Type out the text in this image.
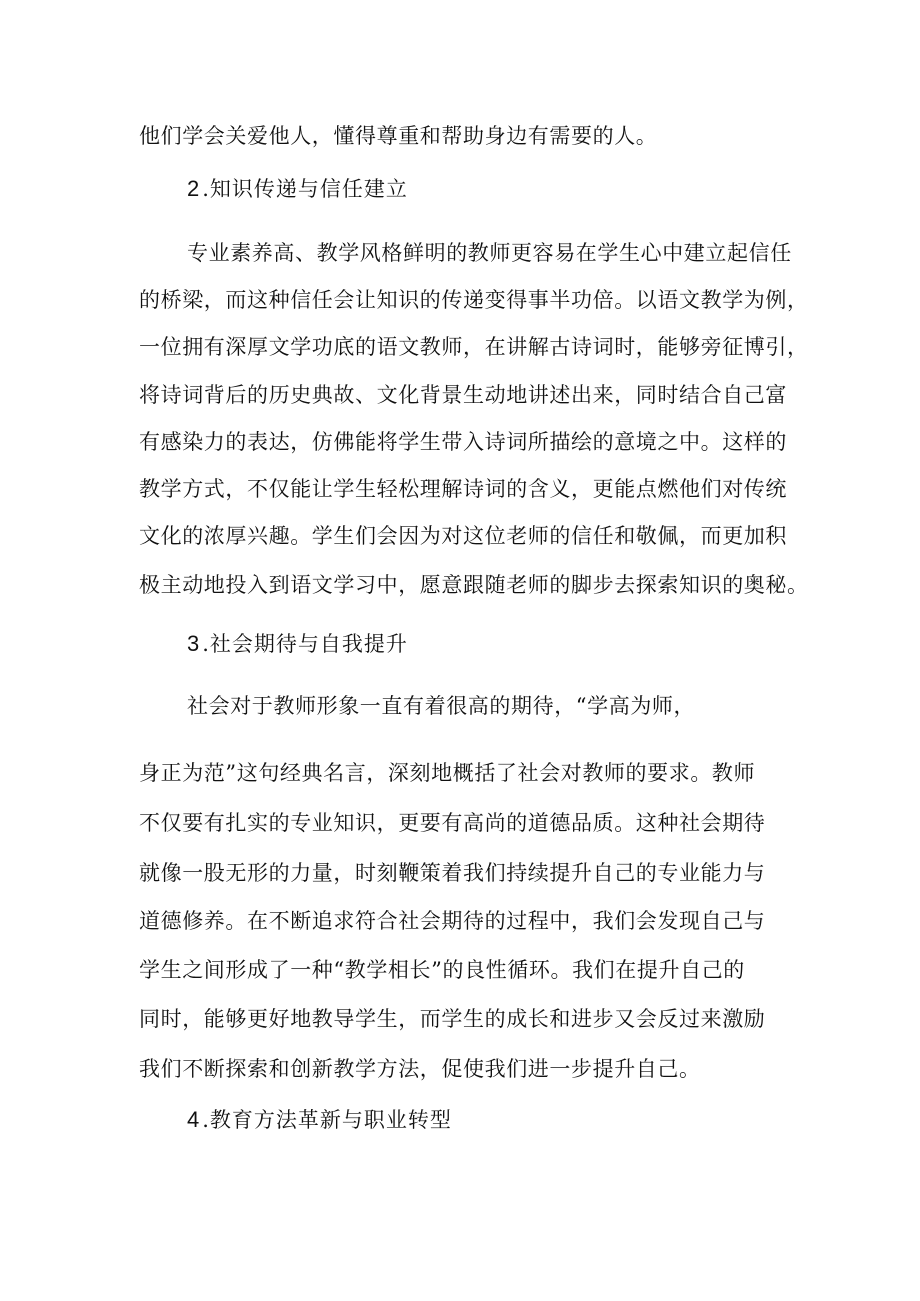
他们学会关爱他人，懂得尊重和帮助身边有需要的人。
2.知识传递与信任建立
专业素养高、教学风格鲜明的教师更容易在学生心中建立起信任
的桥梁，而这种信任会让知识的传递变得事半功倍。以语文教学为例，
一位拥有深厚文学功底的语文教师，在讲解古诗词时，能够旁征博引，
将诗词背后的历史典故、文化背景生动地讲述出来，同时结合自己富
有感染力的表达，仿佛能将学生带入诗词所描绘的意境之中。这样的
教学方式，不仅能让学生轻松理解诗词的含义，更能点燃他们对传统
文化的浓厚兴趣。学生们会因为对这位老师的信任和敬佩，而更加积
极主动地投入到语文学习中，愿意跟随老师的脚步去探索知识的奥秘。
3.社会期待与自我提升
社会对于教师形象一直有着很高的期待，“学高为师，
身正为范”这句经典名言，深刻地概括了社会对教师的要求。教师
不仅要有扎实的专业知识，更要有高尚的道德品质。这种社会期待
就像一股无形的力量，时刻鞭策着我们持续提升自己的专业能力与
道德修养。在不断追求符合社会期待的过程中，我们会发现自己与
学生之间形成了一种“教学相长”的良性循环。我们在提升自己的
同时，能够更好地教导学生，而学生的成长和进步又会反过来激励
我们不断探索和创新教学方法，促使我们进一步提升自己。
4.教育方法革新与职业转型
